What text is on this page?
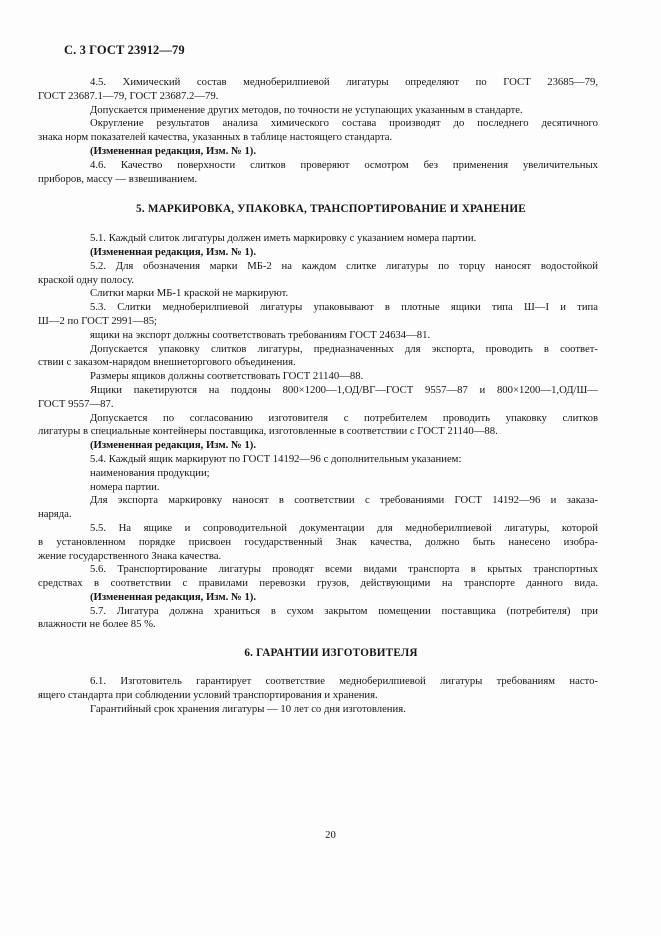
С. 3 ГОСТ 23912—79
4.5. Химический состав медноберилпиевой лигатуры определяют по ГОСТ 23685—79,
ГОСТ 23687.1—79, ГОСТ 23687.2—79.

Допускается применение других методов, по точности не уступающих указанным в стандарте.

Округление результатов анализа химического состава производят до последнего десятичного
знака норм показателей качества, указанных в таблице настоящего стандарта.

(Измененная редакция, Изм. № 1).

4.6. Качество поверхности слитков проверяют осмотром без применения увеличительных
приборов, массу — взвешиванием.
5. МАРКИРОВКА, УПАКОВКА, ТРАНСПОРТИРОВАНИЕ И ХРАНЕНИЕ

5.1. Каждый слиток лигатуры должен иметь маркировку с указанием номера партии.

(Измененная редакция, Изм. № 1).

5.2. Для обозначения марки МБ-2 на каждом слитке лигатуры по торцу наносят водостойкой
краской одну полосу.

Слитки марки МБ-1 краской не маркируют.

5.3. Слитки медноберилпиевой лигатуры упаковывают в плотные ящики типа Ш—I и типа
Ш—2 по ГОСТ 2991—85;

ящики на экспорт должны соответствовать требованиям ГОСТ 24634—81.

Допускается упаковку слитков лигатуры, предназначенных для экспорта, проводить в соответ-
ствии с заказом-нарядом внешнеторгового объединения.

Размеры ящиков должны соответствовать ГОСТ 21140—88.

Ящики пакетируются на поддоны 800×1200—1,ОД/ВГ—ГОСТ 9557—87 и 800×1200—1,ОД/Ш—
ГОСТ 9557—87.
Допускается по согласованию изготовителя с потребителем проводить упаковку слитков
лигатуры в специальные контейнеры поставщика, изготовленные в соответствии с ГОСТ 21140—88.

(Измененная редакция, Изм. № 1).

5.4. Каждый ящик маркируют по ГОСТ 14192—96 с дополнительным указанием:

наименования продукции;

номера партии.

Для экспорта маркировку наносят в соответствии с требованиями ГОСТ 14192—96 и заказа-
наряда.
5.5. На ящике и сопроводительной документации для медноберилпиевой лигатуры, которой
в установленном порядке присвоен государственный Знак качества, должно быть нанесено изобра-
жение государственного Знака качества.
5.6. Транспортирование лигатуры проводят всеми видами транспорта в крытых транспортных
средствах в соответствии с правилами перевозки грузов, действующими на транспорте данного вида.

(Измененная редакция, Изм. № 1).

5.7. Лигатура должна храниться в сухом закрытом помещении поставщика (потребителя) при
влажности не более 85 %.
6. ГАРАНТИИ ИЗГОТОВИТЕЛЯ
6.1. Изготовитель гарантирует соответствие медноберилпиевой лигатуры требованиям насто-
ящего стандарта при соблюдении условий транспортирования и хранения.

Гарантийный срок хранения лигатуры — 10 лет со дня изготовления.

20
